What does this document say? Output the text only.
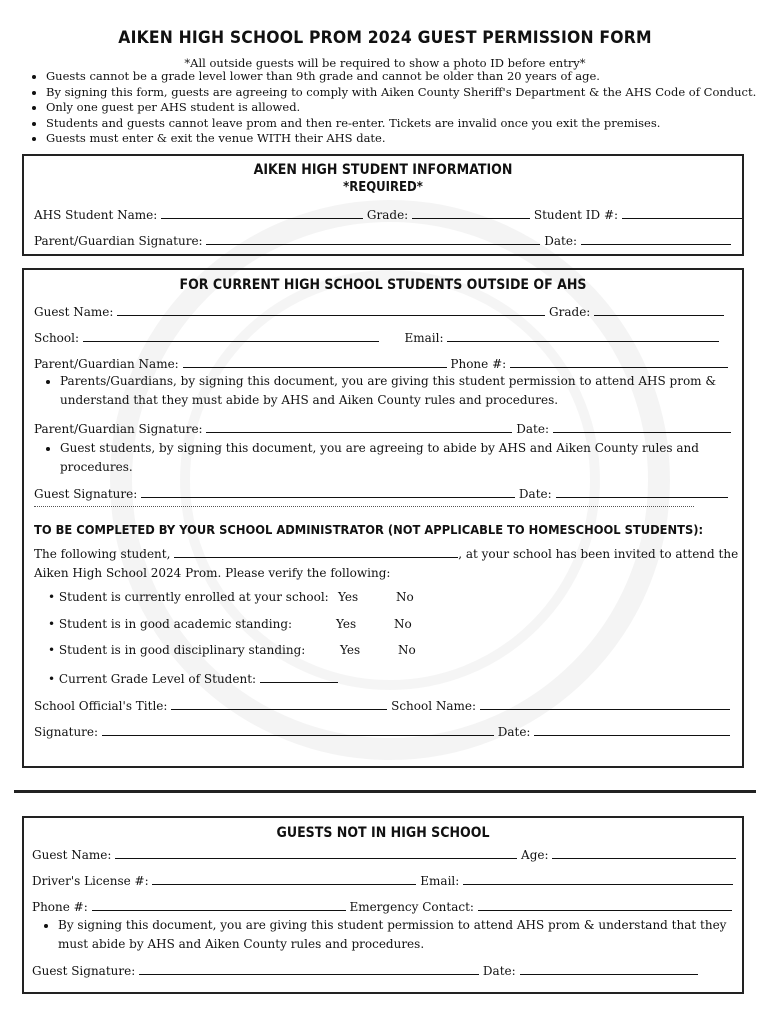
AIKEN HIGH SCHOOL PROM 2024 GUEST PERMISSION FORM
*All outside guests will be required to show a photo ID before entry*
• Guests cannot be a grade level lower than 9th grade and cannot be older than 20 years of age.
• By signing this form, guests are agreeing to comply with Aiken County Sheriff's Department & the AHS Code of Conduct.
• Only one guest per AHS student is allowed.
• Students and guests cannot leave prom and then re-enter. Tickets are invalid once you exit the premises.
• Guests must enter & exit the venue WITH their AHS date.
AIKEN HIGH STUDENT INFORMATION
*REQUIRED*
AHS Student Name:	Grade:	Student ID #:
Parent/Guardian Signature:	Date:
FOR CURRENT HIGH SCHOOL STUDENTS OUTSIDE OF AHS
Guest Name:	Grade:
School:	Email:
Parent/Guardian Name:	Phone #:
• Parents/Guardians, by signing this document, you are giving this student permission to attend AHS prom & understand that they must abide by AHS and Aiken County rules and procedures.
Parent/Guardian Signature:	Date:
• Guest students, by signing this document, you are agreeing to abide by AHS and Aiken County rules and procedures.
Guest Signature:	Date:
TO BE COMPLETED BY YOUR SCHOOL ADMINISTRATOR (NOT APPLICABLE TO HOMESCHOOL STUDENTS):
The following student,	, at your school has been invited to attend the
Aiken High School 2024 Prom. Please verify the following:
• Student is currently enrolled at your school: Yes	No
• Student is in good academic standing:	Yes	No
• Student is in good disciplinary standing:	Yes	No
• Current Grade Level of Student:
School Official's Title:	School Name:
Signature:	Date:
GUESTS NOT IN HIGH SCHOOL
Guest Name:	Age:
Driver's License #:	Email:
Phone #:	Emergency Contact:
• By signing this document, you are giving this student permission to attend AHS prom & understand that they must abide by AHS and Aiken County rules and procedures.
Guest Signature:	Date:
